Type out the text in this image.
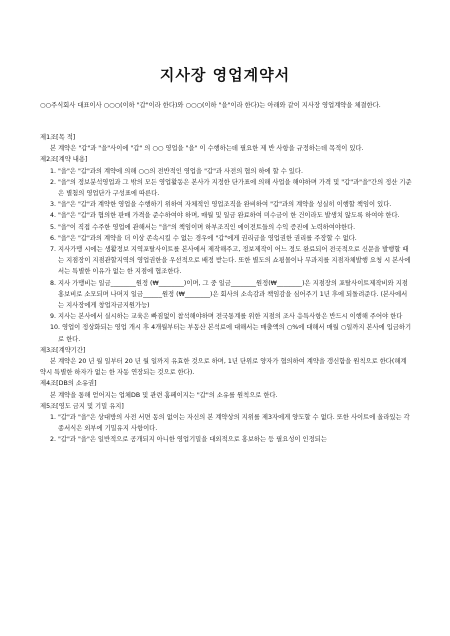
지사장 영업계약서
○○주식회사 대표이사 ○○○(이하 "갑"이라 한다)와 ○○○(이하 "을"이라 한다)는 아래와 같이 지사장 영업계약을 체결한다.
제1조[목 적]
본 계약은 "갑"과 "을"사이에 "갑" 의 ○○ 영업을 "을" 이 수행하는데 필요한 제 반 사항을 규정하는데 목적이 있다.
제2조[계약 내용]
1. "을"은 "갑"과의 계약에 의해 ○○의 전반적인 영업을 "갑"과 사전의 협의 하에 할 수 있다.
2. "을"의 정보분석영업과 그 밖의 모든 영업활동은 본사가 지정한 단가표에 의해 사업을 해야하며 가격 및 "갑"과"을"간의 정산 기준은 별첨의 영업단가 구성표에 따른다.
3. "을"은 "갑"과 계약한 영업을 수행하기 위하여 자체적인 영업조직을 완비하여 "갑"과의 계약을 성실히 이행할 책임이 있다.
4. "을"은 "갑"과 협의한 판매 가격을 준수하여야 하며, 매월 및 일금 완료하여 미수금이 한 건이라도 발생치 않도록 하여야 한다.
5. "을"이 직접 수주한 영업에 관해서는 "을"의 책임이며 하부조직인 에이전트들의 수익 증진에 노력하여야한다.
6. "을"은 "갑"과의 계약을 더 이상 존속시킬 수 없는 경우에 "갑"에게 권리금을 영업권한 권리를 주장할 수 없다.
7. 지사가맹 시에는 생활정보 지역포탈사이트를 본사에서 제작해주고, 정보제작이 어느 정도 완료되어 전국적으로 신문을 발행할 때는 지점장이 지점관할지역의 영업권한을 우선적으로 배정 받는다. 또한 별도의 쇼핑몰이나 무과지를 지점자체발행 요청 시 본사에서는 특별한 이유가 없는 한 지점에 협조한다.
8. 지사 가맹비는 일금________원정 (₩________)이며, 그 중 일금________원정(₩________)은 지점장의 포탈사이트제작비와 지점 홍보비로 소모되며 나머지 일금______원정 (₩________)은 회사의 소속감과 책임감을 심어주기 1년 후에 되돌려준다. (본사에서는 지사장에게 창업자금지원가능)
9. 지사는 본사에서 실시하는 교육은 빠짐없이 참석해야하며 전국통계를 위한 지점의 조사 응특사항은 반드시 이행해 주어야 한다
10. 영업이 정상화되는 영업 개시 후 4개월부터는 부동산 본석료에 대해서는 매출액의 ○%에 대해서 매월 ○일까지 본사에 입금하기로 한다.
제3조[계약기간]
본 계약은 20 년 월 일부터 20 년 월 일까지 유효한 것으로 하며, 1년 단위로 양자가 협의하여 계약을 갱신함을 원칙으로 한다(해계약시 특별한 하자가 없는 한 자동 연장되는 것으로 한다).
제4조[DB의 소유권]
본 계약을 통해 얻어지는 업체DB 및 관련 홈페이지는 "갑"의 소유를 원칙으로 한다.
제5조[영도 금지 및 기밀 유지]
1. "갑"과 "을"은 상대방의 사전 서면 동의 없이는 자신의 본 계약상의 지위를 제3자에게 양도할 수 없다. 또한 사이트에 올라있는 각종서식은 외부에 기밀유지 사항이다.
2. "갑"과 "을"은 일반적으로 공개되지 아니한 영업기밀을 대외적으로 홍보하는 등 필요성이 인정되는
